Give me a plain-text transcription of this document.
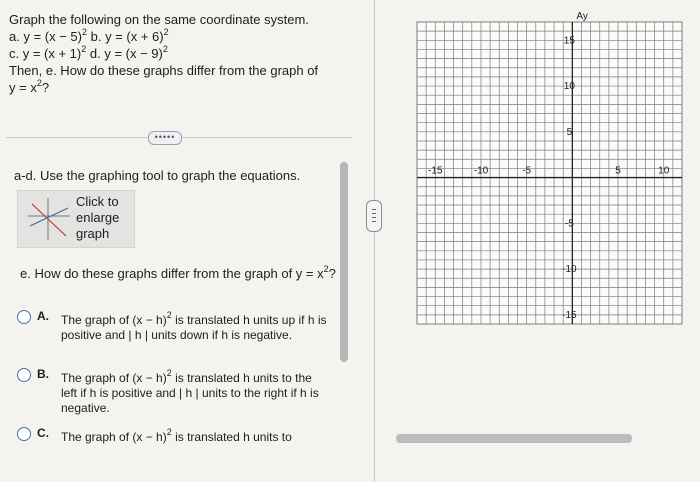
Graph the following on the same coordinate system.
a. $y = (x - 5)^2$ b. $y = (x + 6)^2$
c. $y = (x + 1)^2$ d. $y = (x - 9)^2$
Then, e. How do these graphs differ from the graph of
$y = x^2$?
•••••
a-d. Use the graphing tool to graph the equations.
Click to enlarge graph
e. How do these graphs differ from the graph of $y = x^2$?
A. The graph of $(x - h)^2$ is translated h units up if h is positive and | h | units down if h is negative.
B. The graph of $(x - h)^2$ is translated h units to the left if h is positive and | h | units to the right if h is negative.
C. The graph of $(x - h)^2$ is translated h units to
-15	-10	-5	5	10
15
10
5
-5
-10
-15
Ay
